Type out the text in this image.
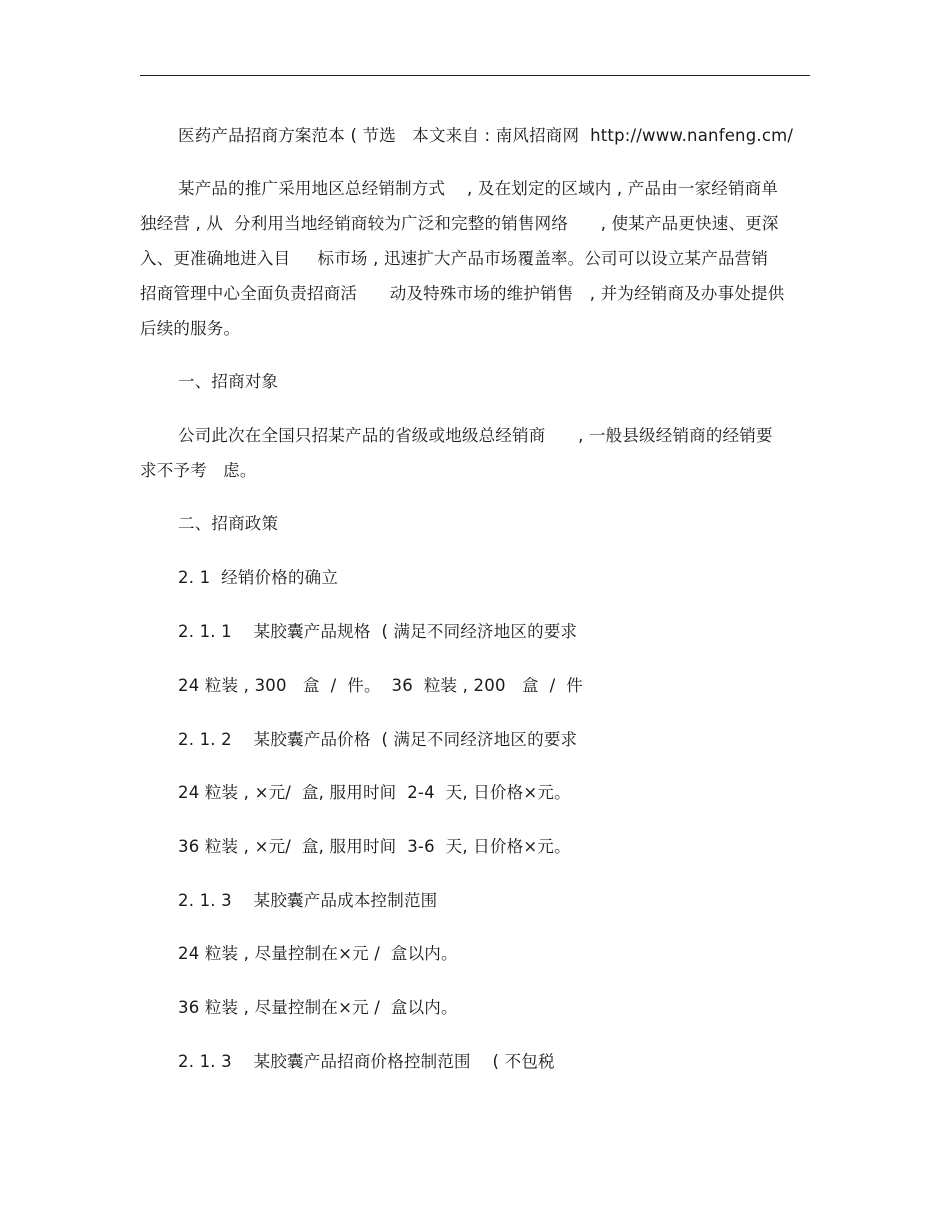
医药产品招商方案范本 ( 节选   本文来自 : 南风招商网  http://www.nanfeng.cm/
某产品的推广采用地区总经销制方式    , 及在划定的区域内 , 产品由一家经销商单
独经营 , 从  分利用当地经销商较为广泛和完整的销售网络      , 使某产品更快速、更深
入、更准确地进入目     标市场 , 迅速扩大产品市场覆盖率。公司可以设立某产品营销
招商管理中心全面负责招商活      动及特殊市场的维护销售   , 并为经销商及办事处提供
后续的服务。
一、招商对象
公司此次在全国只招某产品的省级或地级总经销商      , 一般县级经销商的经销要
求不予考   虑。
二、招商政策
2. 1  经销价格的确立
2. 1. 1    某胶囊产品规格  ( 满足不同经济地区的要求
24 粒装 , 300   盒  /  件。  36  粒装 , 200   盒  /  件
2. 1. 2    某胶囊产品价格  ( 满足不同经济地区的要求
24 粒装 , ×元/  盒, 服用时间  2-4  天, 日价格×元。
36 粒装 , ×元/  盒, 服用时间  3-6  天, 日价格×元。
2. 1. 3    某胶囊产品成本控制范围
24 粒装 , 尽量控制在×元 /  盒以内。
36 粒装 , 尽量控制在×元 /  盒以内。
2. 1. 3    某胶囊产品招商价格控制范围    ( 不包税
